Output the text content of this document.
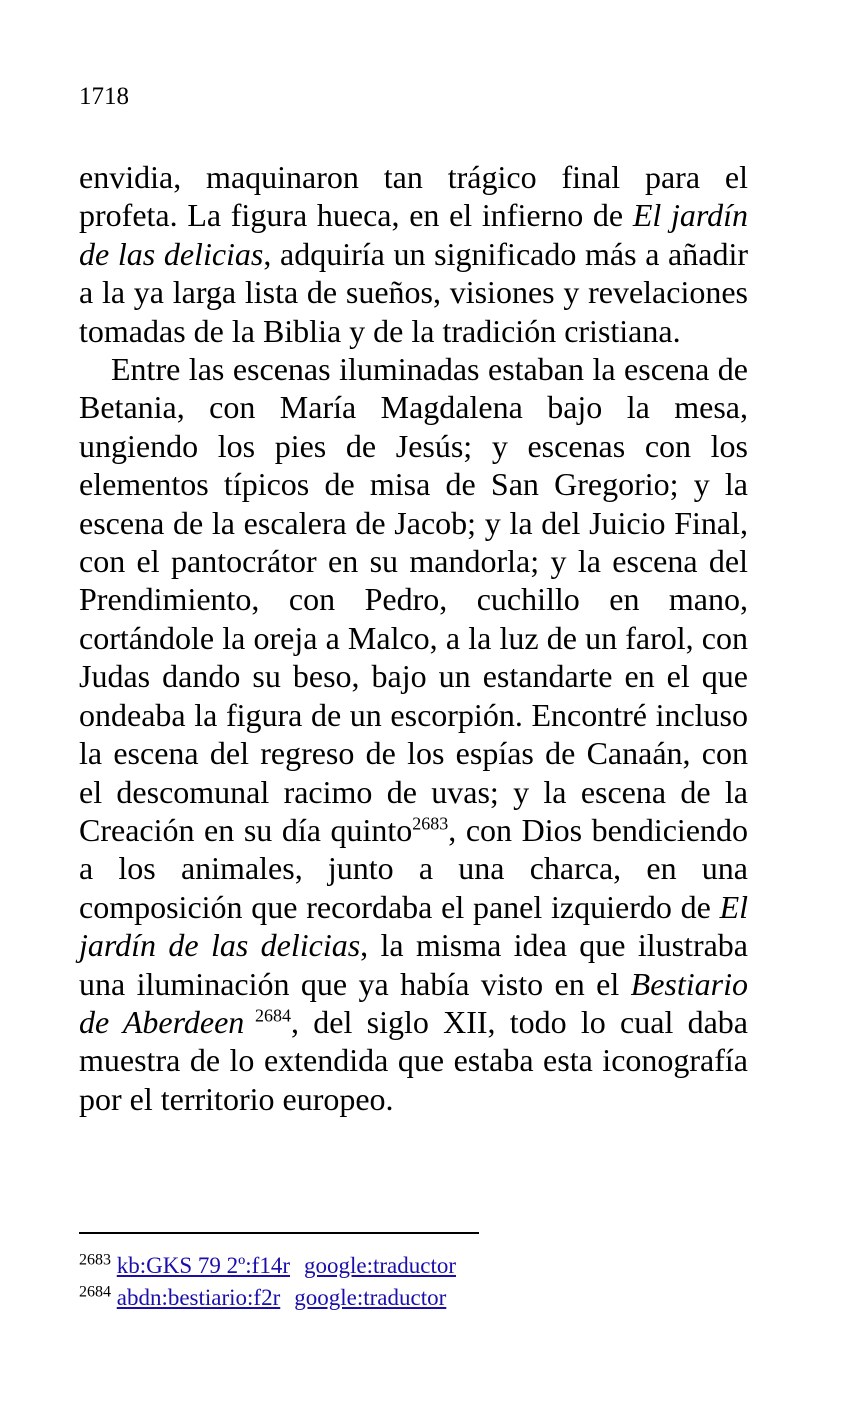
1718

envidia, maquinaron tan trágico final para el profeta. La figura hueca, en el infierno de El jardín de las delicias, adquiría un significado más a añadir a la ya larga lista de sueños, visiones y revelaciones tomadas de la Biblia y de la tradición cristiana.

Entre las escenas iluminadas estaban la escena de Betania, con María Magdalena bajo la mesa, ungiendo los pies de Jesús; y escenas con los elementos típicos de misa de San Gregorio; y la escena de la escalera de Jacob; y la del Juicio Final, con el pantocrátor en su mandorla; y la escena del Prendimiento, con Pedro, cuchillo en mano, cortándole la oreja a Malco, a la luz de un farol, con Judas dando su beso, bajo un estandarte en el que ondeaba la figura de un escorpión. Encontré incluso la escena del regreso de los espías de Canaán, con el descomunal racimo de uvas; y la escena de la Creación en su día quinto$^{2683}$, con Dios bendiciendo a los animales, junto a una charca, en una composición que recordaba el panel izquierdo de El jardín de las delicias, la misma idea que ilustraba una iluminación que ya había visto en el Bestiario de Aberdeen $^{2684}$, del siglo XII, todo lo cual daba muestra de lo extendida que estaba esta iconografía por el territorio europeo.

$^{2683}$ kb:GKS 79 2º:f14r google:traductor
$^{2684}$ abdn:bestiario:f2r google:traductor
